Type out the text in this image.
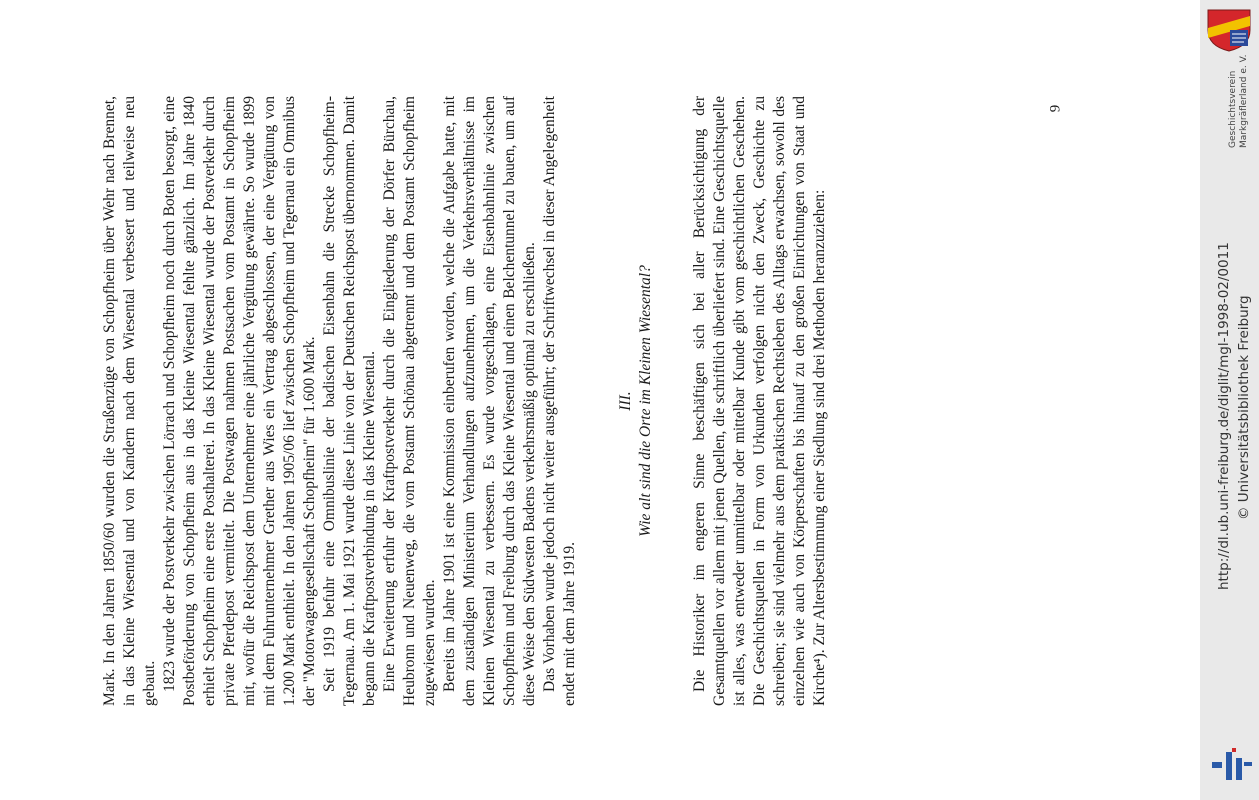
Mark. In den Jahren 1850/60 wurden die Straßenzüge von Schopfheim über Wehr nach Brennet, in das Kleine Wiesental und von Kandern nach dem Wiesental verbessert und teilweise neu gebaut. 1823 wurde der Postverkehr zwischen Lörrach und Schopfheim noch durch Boten besorgt, eine Postbeförderung von Schopfheim aus in das Kleine Wiesental fehlte gänzlich. Im Jahre 1840 erhielt Schopfheim eine erste Posthalterei. In das Kleine Wiesental wurde der Postverkehr durch private Pferdepost vermittelt. Die Postwagen nahmen Postsachen vom Postamt in Schopfheim mit, wofür die Reichspost dem Unternehmer eine jährliche Vergütung gewährte. So wurde 1899 mit dem Fuhrunternehmer Grether aus Wies ein Vertrag abgeschlossen, der eine Vergütung von 1.200 Mark enthielt. In den Jahren 1905/06 lief zwischen Schopfheim und Tegernau ein Omnibus der "Motorwagengesellschaft Schopfheim" für 1.600 Mark. Seit 1919 befuhr eine Omnibuslinie der badischen Eisenbahn die Strecke Schopfheim-Tegernau. Am 1. Mai 1921 wurde diese Linie von der Deutschen Reichspost übernommen. Damit begann die Kraftpostverbindung in das Kleine Wiesental. Eine Erweiterung erfuhr der Kraftpostverkehr durch die Eingliederung der Dörfer Bürchau, Heubronn und Neuenweg, die vom Postamt Schönau abgetrennt und dem Postamt Schopfheim zugewiesen wurden. Bereits im Jahre 1901 ist eine Kommission einberufen worden, welche die Aufgabe hatte, mit dem zuständigen Ministerium Verhandlungen aufzunehmen, um die Verkehrsverhältnisse im Kleinen Wiesental zu verbessern. Es wurde vorgeschlagen, eine Eisenbahnlinie zwischen Schopfheim und Freiburg durch das Kleine Wiesental und einen Belchentunnel zu bauen, um auf diese Weise den Südwesten Badens verkehrsmäßig optimal zu erschließen. Das Vorhaben wurde jedoch nicht weiter ausgeführt; der Schriftwechsel in dieser Angelegenheit endet mit dem Jahre 1919.

III. Wie alt sind die Orte im Kleinen Wiesental? Die Historiker im engeren Sinne beschäftigen sich bei aller Berücksichtigung der Gesamtquellen vor allem mit jenen Quellen, die schriftlich überliefert sind. Eine Geschichtsquelle ist alles, was entweder unmittelbar oder mittelbar Kunde gibt vom geschichtlichen Geschehen. Die Geschichtsquellen in Form von Urkunden verfolgen nicht den Zweck, Geschichte zu schreiben; sie sind vielmehr aus dem praktischen Rechtsleben des Alltags erwachsen, sowohl des einzelnen wie auch von Körperschaften bis hinauf zu den großen Einrichtungen von Staat und Kirche⁴). Zur Altersbestimmung einer Siedlung sind drei Methoden heranzuziehen:

9	Geschichtsverein Markgräflerland e. V.
http://dl.ub.uni-freiburg.de/diglit/mgl-1998-02/0011 © Universitätsbibliothek Freiburg
